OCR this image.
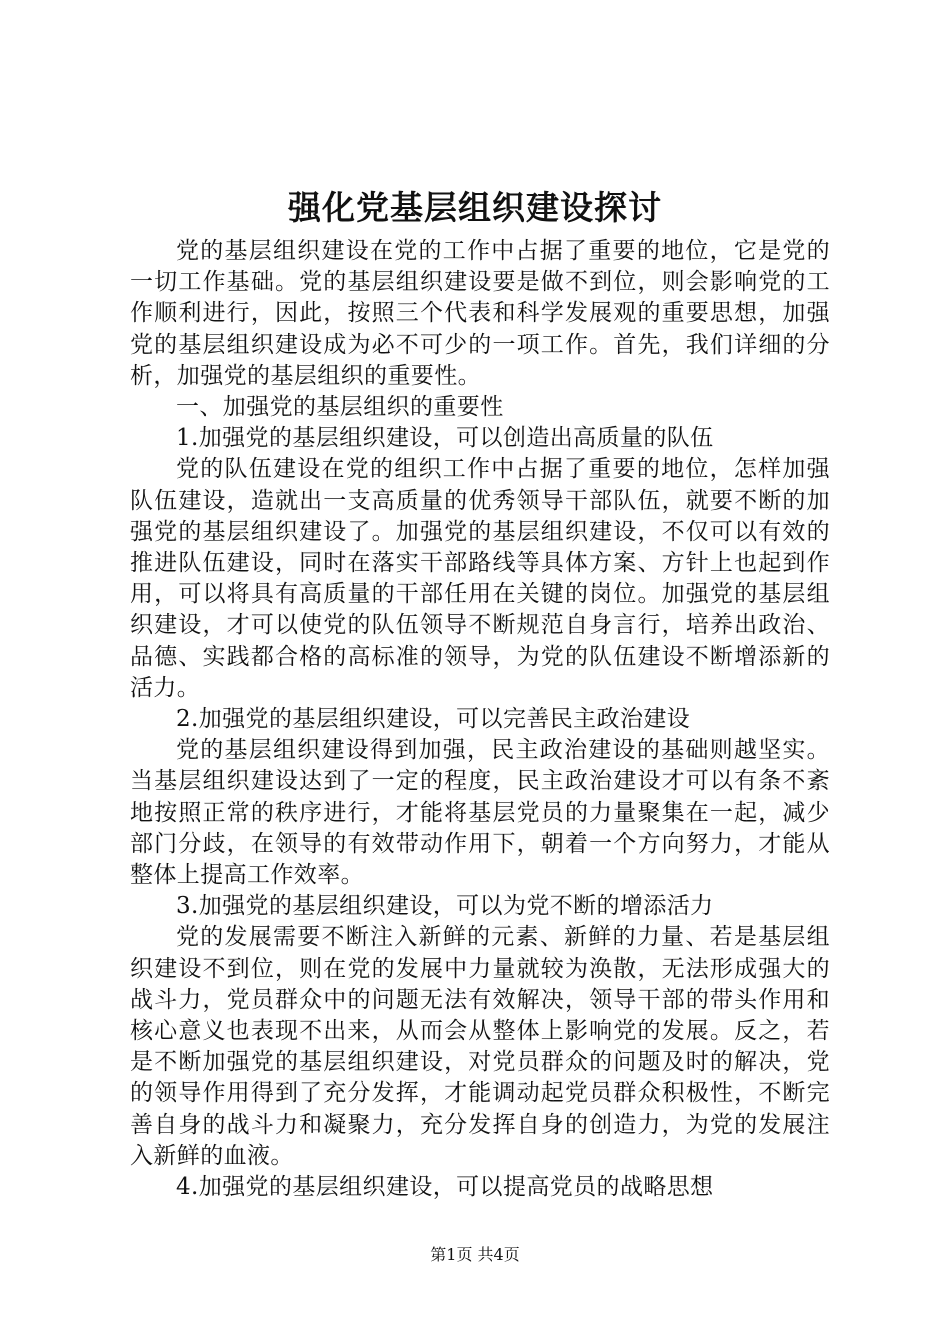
强化党基层组织建设探讨

党的基层组织建设在党的工作中占据了重要的地位，它是党的一切工作基础。党的基层组织建设要是做不到位，则会影响党的工作顺利进行，因此，按照三个代表和科学发展观的重要思想，加强党的基层组织建设成为必不可少的一项工作。首先，我们详细的分析，加强党的基层组织的重要性。

一、加强党的基层组织的重要性

1.加强党的基层组织建设，可以创造出高质量的队伍

党的队伍建设在党的组织工作中占据了重要的地位，怎样加强队伍建设，造就出一支高质量的优秀领导干部队伍，就要不断的加强党的基层组织建设了。加强党的基层组织建设，不仅可以有效的推进队伍建设，同时在落实干部路线等具体方案、方针上也起到作用，可以将具有高质量的干部任用在关键的岗位。加强党的基层组织建设，才可以使党的队伍领导不断规范自身言行，培养出政治、品德、实践都合格的高标准的领导，为党的队伍建设不断增添新的活力。

2.加强党的基层组织建设，可以完善民主政治建设

党的基层组织建设得到加强，民主政治建设的基础则越坚实。当基层组织建设达到了一定的程度，民主政治建设才可以有条不紊地按照正常的秩序进行，才能将基层党员的力量聚集在一起，减少部门分歧，在领导的有效带动作用下，朝着一个方向努力，才能从整体上提高工作效率。

3.加强党的基层组织建设，可以为党不断的增添活力

党的发展需要不断注入新鲜的元素、新鲜的力量、若是基层组织建设不到位，则在党的发展中力量就较为涣散，无法形成强大的战斗力，党员群众中的问题无法有效解决，领导干部的带头作用和核心意义也表现不出来，从而会从整体上影响党的发展。反之，若是不断加强党的基层组织建设，对党员群众的问题及时的解决，党的领导作用得到了充分发挥，才能调动起党员群众积极性，不断完善自身的战斗力和凝聚力，充分发挥自身的创造力，为党的发展注入新鲜的血液。

4.加强党的基层组织建设，可以提高党员的战略思想

第1页 共4页
